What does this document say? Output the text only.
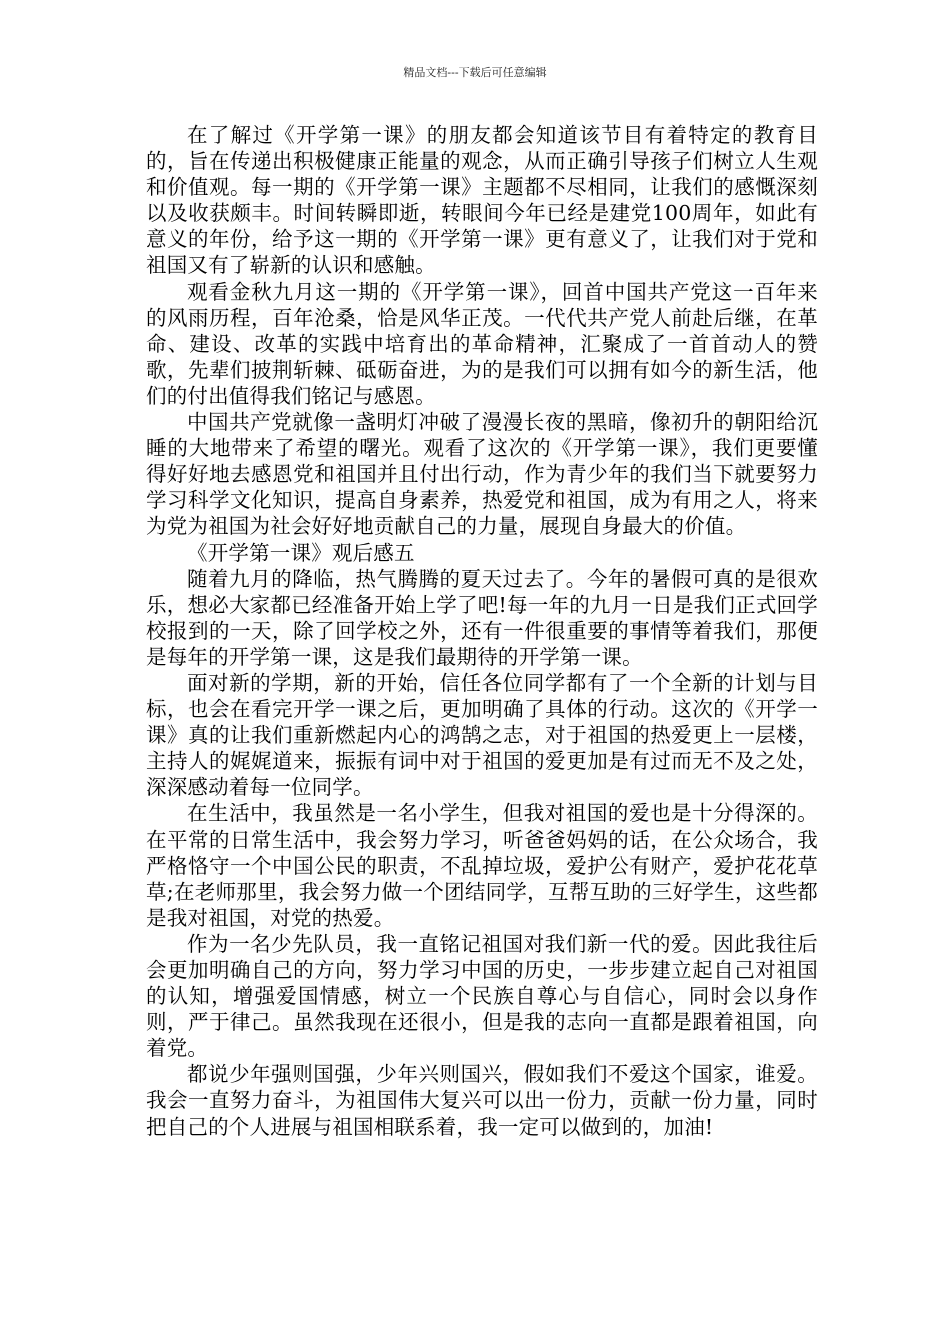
精品文档---下载后可任意编辑

在了解过《开学第一课》的朋友都会知道该节目有着特定的教育目的，旨在传递出积极健康正能量的观念，从而正确引导孩子们树立人生观和价值观。每一期的《开学第一课》主题都不尽相同，让我们的感慨深刻以及收获颇丰。时间转瞬即逝，转眼间今年已经是建党100周年，如此有意义的年份，给予这一期的《开学第一课》更有意义了，让我们对于党和祖国又有了崭新的认识和感触。

观看金秋九月这一期的《开学第一课》，回首中国共产党这一百年来的风雨历程，百年沧桑，恰是风华正茂。一代代共产党人前赴后继，在革命、建设、改革的实践中培育出的革命精神，汇聚成了一首首动人的赞歌，先辈们披荆斩棘、砥砺奋进，为的是我们可以拥有如今的新生活，他们的付出值得我们铭记与感恩。

中国共产党就像一盏明灯冲破了漫漫长夜的黑暗，像初升的朝阳给沉睡的大地带来了希望的曙光。观看了这次的《开学第一课》，我们更要懂得好好地去感恩党和祖国并且付出行动，作为青少年的我们当下就要努力学习科学文化知识，提高自身素养，热爱党和祖国，成为有用之人，将来为党为祖国为社会好好地贡献自己的力量，展现自身最大的价值。

《开学第一课》观后感五

随着九月的降临，热气腾腾的夏天过去了。今年的暑假可真的是很欢乐，想必大家都已经准备开始上学了吧!每一年的九月一日是我们正式回学校报到的一天，除了回学校之外，还有一件很重要的事情等着我们，那便是每年的开学第一课，这是我们最期待的开学第一课。

面对新的学期，新的开始，信任各位同学都有了一个全新的计划与目标，也会在看完开学一课之后，更加明确了具体的行动。这次的《开学一课》真的让我们重新燃起内心的鸿鹄之志，对于祖国的热爱更上一层楼，主持人的娓娓道来，振振有词中对于祖国的爱更加是有过而无不及之处，深深感动着每一位同学。

在生活中，我虽然是一名小学生，但我对祖国的爱也是十分得深的。在平常的日常生活中，我会努力学习，听爸爸妈妈的话，在公众场合，我严格恪守一个中国公民的职责，不乱掉垃圾，爱护公有财产，爱护花花草草;在老师那里，我会努力做一个团结同学，互帮互助的三好学生，这些都是我对祖国，对党的热爱。

作为一名少先队员，我一直铭记祖国对我们新一代的爱。因此我往后会更加明确自己的方向，努力学习中国的历史，一步步建立起自己对祖国的认知，增强爱国情感，树立一个民族自尊心与自信心，同时会以身作则，严于律己。虽然我现在还很小，但是我的志向一直都是跟着祖国，向着党。

都说少年强则国强，少年兴则国兴，假如我们不爱这个国家，谁爱。我会一直努力奋斗，为祖国伟大复兴可以出一份力，贡献一份力量，同时把自己的个人进展与祖国相联系着，我一定可以做到的，加油!
